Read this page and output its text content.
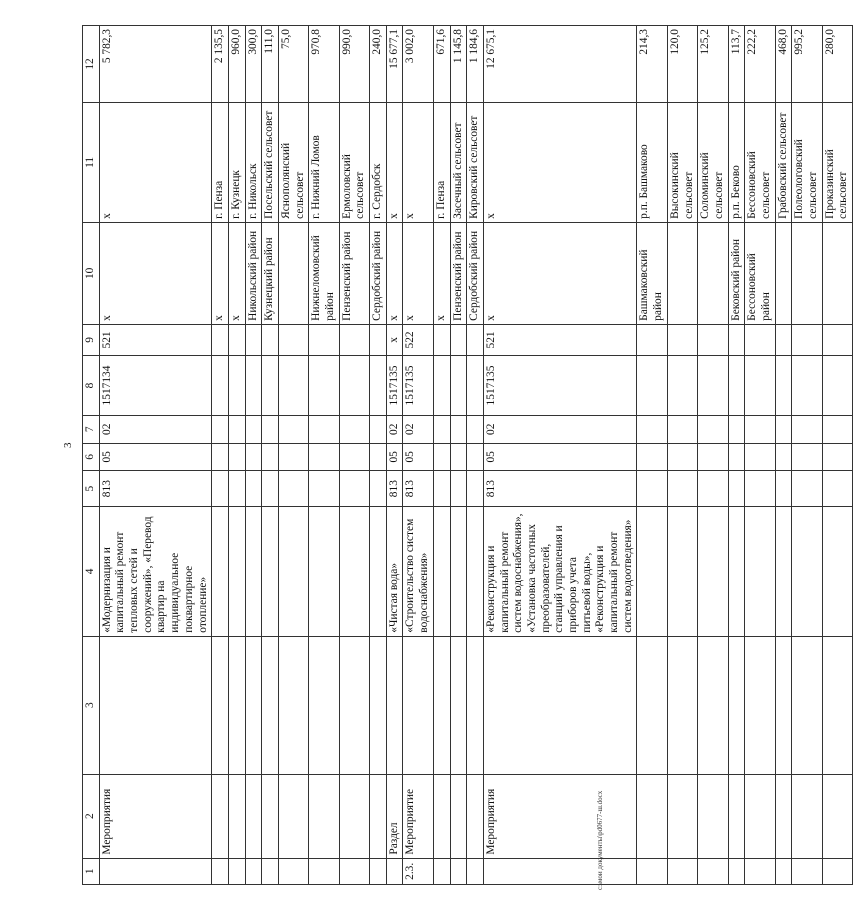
3
1	2	3	4	5	6	7	8	9	10	11	12
	Мероприятия		«Модернизация и капитальный ремонт тепловых сетей и сооружений», «Перевод квартир на индивидуальное поквартирное отопление»	813	05	02	1517134	521	х	х	5 782,3
									х	г. Пенза	2 135,5
									х	г. Кузнецк	960,0
									Никольский район	г. Никольск	300,0
									Кузнецкий район	Посельский сельсовет	111,0
										Яснополянский сельсовет	75,0
									Нижнеломовский район	г. Нижний Ломов	970,8
									Пензенский район	Ермоловский сельсовет	990,0
									Сердобский район	г. Сердобск	240,0
	Раздел		«Чистая вода»	813	05	02	1517135	х	х	х	15 677,1
2.3.	Мероприятие		«Строительство систем водоснабжения»	813	05	02	1517135	522	х	х	3 002,0
									х	г. Пенза	671,6
									Пензенский район	Засечный сельсовет	1 145,8
									Сердобский район	Кировский сельсовет	1 184,6
	Мероприятия		«Реконструкция и капитальный ремонт систем водоснабжения», «Установка частотных преобразователей, станций управления и приборов учета питьевой воды», «Реконструкция и капитальный ремонт систем водоотведения»	813	05	02	1517135	521	х	х	12 675,1
									Башмаковский район	р.п. Башмаково	214,3
										Высокинский сельсовет	120,0
										Соломинский сельсовет	125,2
									Бековский район	р.п. Бековo	113,7
									Бессоновский район	Бессоновский сельсовет	222,2
										Грабовский сельсовет	468,0
										Полеологовский сельсовет	995,2
										Проказинский сельсовет	280,0
c:\мои документы\pd0677-ш.docx
